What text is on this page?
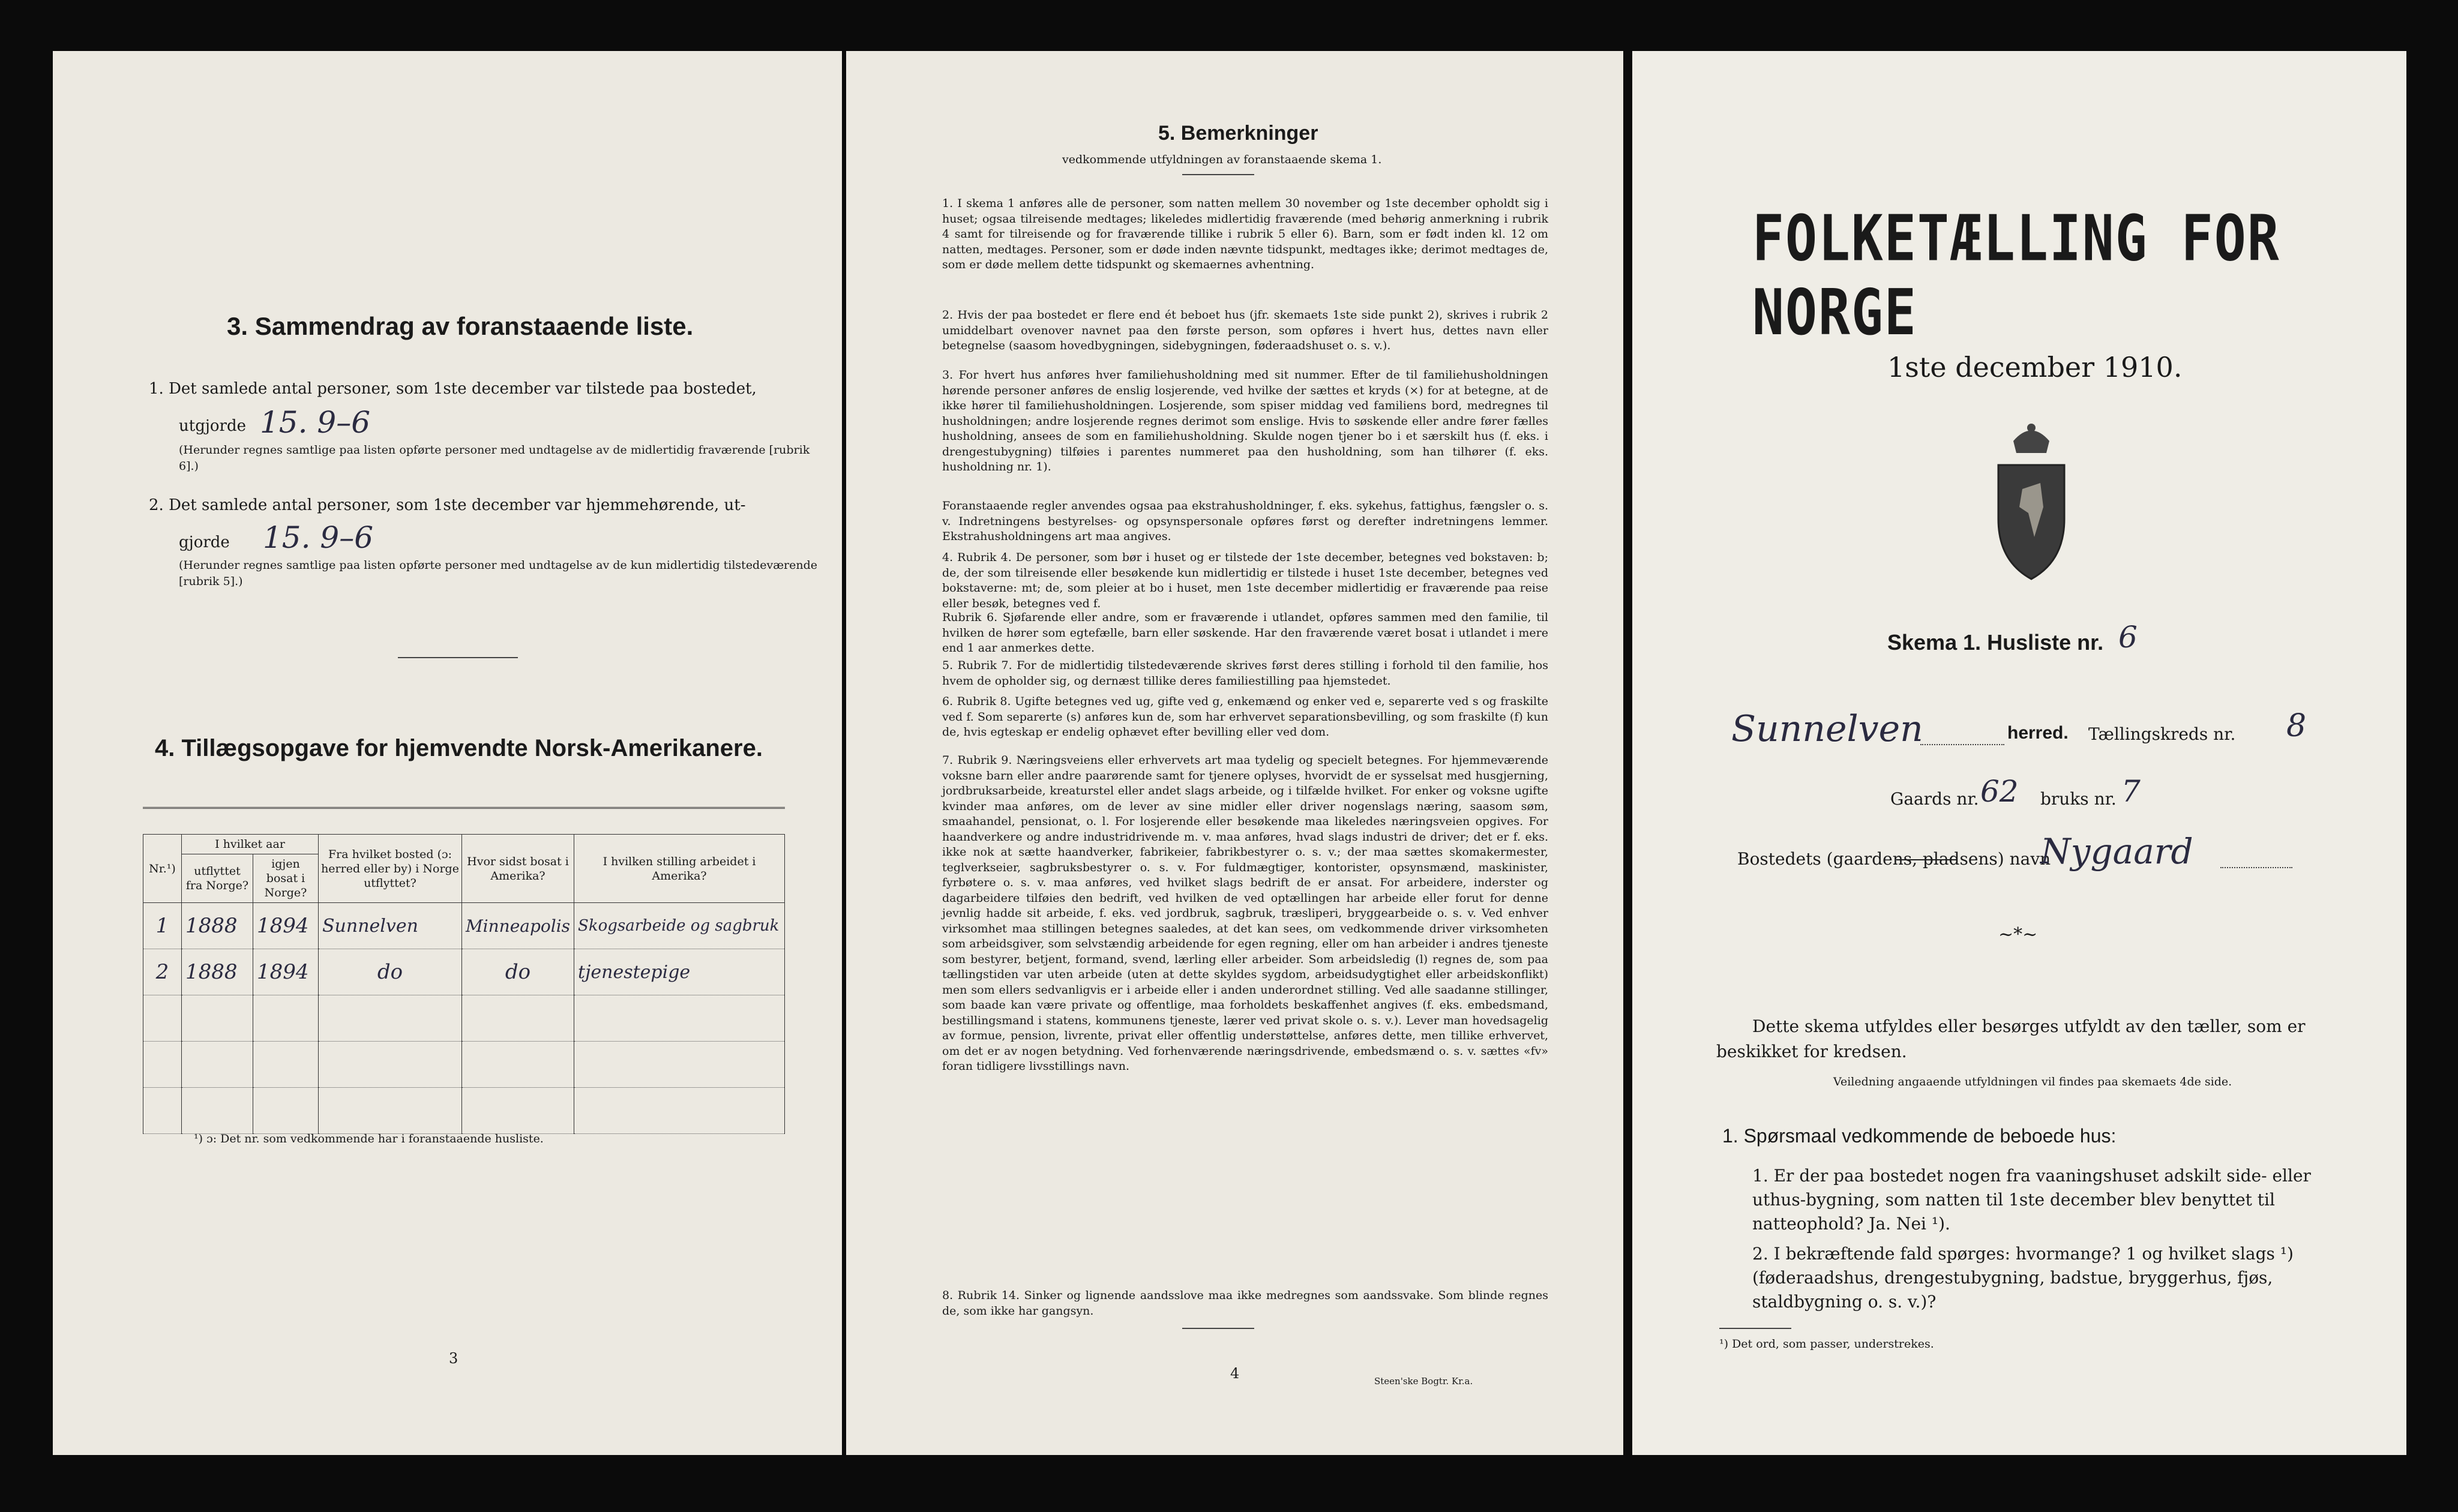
3. Sammendrag av foranstaaende liste.
1. Det samlede antal personer, som 1ste december var tilstede paa bostedet,
utgjorde 15. 9–6
(Herunder regnes samtlige paa listen opførte personer med undtagelse av de midlertidig fraværende [rubrik 6].)
2. Det samlede antal personer, som 1ste december var hjemmehørende, ut-
gjorde 15. 9–6
(Herunder regnes samtlige paa listen opførte personer med undtagelse av de kun midlertidig tilstedeværende [rubrik 5].)
4. Tillægsopgave for hjemvendte Norsk-Amerikanere.
Nr.¹)	I hvilket aar		Fra hvilket bosted (ɔ: herred eller by) i Norge utflyttet?	Hvor sidst bosat i Amerika?	I hvilken stilling arbeidet i Amerika?
	utflyttet fra Norge?	igjen bosat i Norge?			
1	1888	1894	Sunnelven	Minneapolis	Skogsarbeide og sagbruk
2	1888	1894	do	do	tjenestepige

¹) ɔ: Det nr. som vedkommende har i foranstaaende husliste.
3
5. Bemerkninger
vedkommende utfyldningen av foranstaaende skema 1.
1. I skema 1 anføres alle de personer, som natten mellem 30 november og 1ste december opholdt sig i huset; ogsaa tilreisende medtages; likeledes midlertidig fraværende (med behørig anmerkning i rubrik 4 samt for tilreisende og for fraværende tillike i rubrik 5 eller 6). Barn, som er født inden kl. 12 om natten, medtages. Personer, som er døde inden nævnte tidspunkt, medtages ikke; derimot medtages de, som er døde mellem dette tidspunkt og skemaernes avhentning.
2. Hvis der paa bostedet er flere end ét beboet hus (jfr. skemaets 1ste side punkt 2), skrives i rubrik 2 umiddelbart ovenover navnet paa den første person, som opføres i hvert hus, dettes navn eller betegnelse (saasom hovedbygningen, sidebygningen, føderaadshuset o. s. v.).
3. For hvert hus anføres hver familiehusholdning med sit nummer. Efter de til familiehusholdningen hørende personer anføres de enslig losjerende, ved hvilke der sættes et kryds (×) for at betegne, at de ikke hører til familiehusholdningen. Losjerende, som spiser middag ved familiens bord, medregnes til husholdningen; andre losjerende regnes derimot som enslige. Hvis to søskende eller andre fører fælles husholdning, ansees de som en familiehusholdning. Skulde nogen tjener bo i et særskilt hus (f. eks. i drengestubygning) tilføies i parentes nummeret paa den husholdning, som han tilhører (f. eks. husholdning nr. 1).
Foranstaaende regler anvendes ogsaa paa ekstrahusholdninger, f. eks. sykehus, fattighus, fængsler o. s. v. Indretningens bestyrelses- og opsynspersonale opføres først og derefter indretningens lemmer. Ekstrahusholdningens art maa angives.
4. Rubrik 4. De personer, som bør i huset og er tilstede der 1ste december, betegnes ved bokstaven: b; de, der som tilreisende eller besøkende kun midlertidig er tilstede i huset 1ste december, betegnes ved bokstaverne: mt; de, som pleier at bo i huset, men 1ste december midlertidig er fraværende paa reise eller besøk, betegnes ved f.
Rubrik 6. Sjøfarende eller andre, som er fraværende i utlandet, opføres sammen med den familie, til hvilken de hører som egtefælle, barn eller søskende. Har den fraværende været bosat i utlandet i mere end 1 aar anmerkes dette.
5. Rubrik 7. For de midlertidig tilstedeværende skrives først deres stilling i forhold til den familie, hos hvem de opholder sig, og dernæst tillike deres familiestilling paa hjemstedet.
6. Rubrik 8. Ugifte betegnes ved ug, gifte ved g, enkemænd og enker ved e, separerte ved s og fraskilte ved f. Som separerte (s) anføres kun de, som har erhvervet separationsbevilling, og som fraskilte (f) kun de, hvis egteskap er endelig ophævet efter bevilling eller ved dom.
7. Rubrik 9. Næringsveiens eller erhvervets art maa tydelig og specielt betegnes. For hjemmeværende voksne barn eller andre paarørende samt for tjenere oplyses, hvorvidt de er sysselsat med husgjerning, jordbruksarbeide, kreaturstel eller andet slags arbeide, og i tilfælde hvilket. For enker og voksne ugifte kvinder maa anføres, om de lever av sine midler eller driver nogenslags næring, saasom søm, smaahandel, pensionat, o. l. For losjerende eller besøkende maa likeledes næringsveien opgives. For haandverkere og andre industridrivende m. v. maa anføres, hvad slags industri de driver; det er f. eks. ikke nok at sætte haandverker, fabrikeier, fabrikbestyrer o. s. v.; der maa sættes skomakermester, teglverkseier, sagbruksbestyrer o. s. v. For fuldmægtiger, kontorister, opsynsmænd, maskinister, fyrbøtere o. s. v. maa anføres, ved hvilket slags bedrift de er ansat. For arbeidere, inderster og dagarbeidere tilføies den bedrift, ved hvilken de ved optællingen har arbeide eller forut for denne jevnlig hadde sit arbeide, f. eks. ved jordbruk, sagbruk, træsliperi, bryggearbeide o. s. v. Ved enhver virksomhet maa stillingen betegnes saaledes, at det kan sees, om vedkommende driver virksomheten som arbeidsgiver, som selvstændig arbeidende for egen regning, eller om han arbeider i andres tjeneste som bestyrer, betjent, formand, svend, lærling eller arbeider. Som arbeidsledig (l) regnes de, som paa tællingstiden var uten arbeide (uten at dette skyldes sygdom, arbeidsudygtighet eller arbeidskonflikt) men som ellers sedvanligvis er i arbeide eller i anden underordnet stilling. Ved alle saadanne stillinger, som baade kan være private og offentlige, maa forholdets beskaffenhet angives (f. eks. embedsmand, bestillingsmand i statens, kommunens tjeneste, lærer ved privat skole o. s. v.). Lever man hovedsagelig av formue, pension, livrente, privat eller offentlig understøttelse, anføres dette, men tillike erhvervet, om det er av nogen betydning. Ved forhenværende næringsdrivende, embedsmænd o. s. v. sættes «fv» foran tidligere livsstillings navn.
8. Rubrik 14. Sinker og lignende aandsslove maa ikke medregnes som aandssvake. Som blinde regnes de, som ikke har gangsyn.
4	Steen'ske Bogtr. Kr.a.
FOLKETÆLLING FOR NORGE
1ste december 1910.
Skema 1. Husliste nr. 6
Sunnelven	herred. Tællingskreds nr. 8
Gaards nr. 62 bruks nr. 7
Bostedets (gaardens, pladsens) navn
Nygaard
~*~
Dette skema utfyldes eller besørges utfyldt av den tæller, som er beskikket for kredsen.
Veiledning angaaende utfyldningen vil findes paa skemaets 4de side.
1. Spørsmaal vedkommende de beboede hus:
1. Er der paa bostedet nogen fra vaaningshuset adskilt side- eller uthus-bygning, som natten til 1ste december blev benyttet til natteophold? Ja. Nei ¹).
2. I bekræftende fald spørges: hvormange? 1 og hvilket slags ¹) (føderaadshus, drengestubygning, badstue, bryggerhus, fjøs, staldbygning o. s. v.)?
¹) Det ord, som passer, understrekes.
